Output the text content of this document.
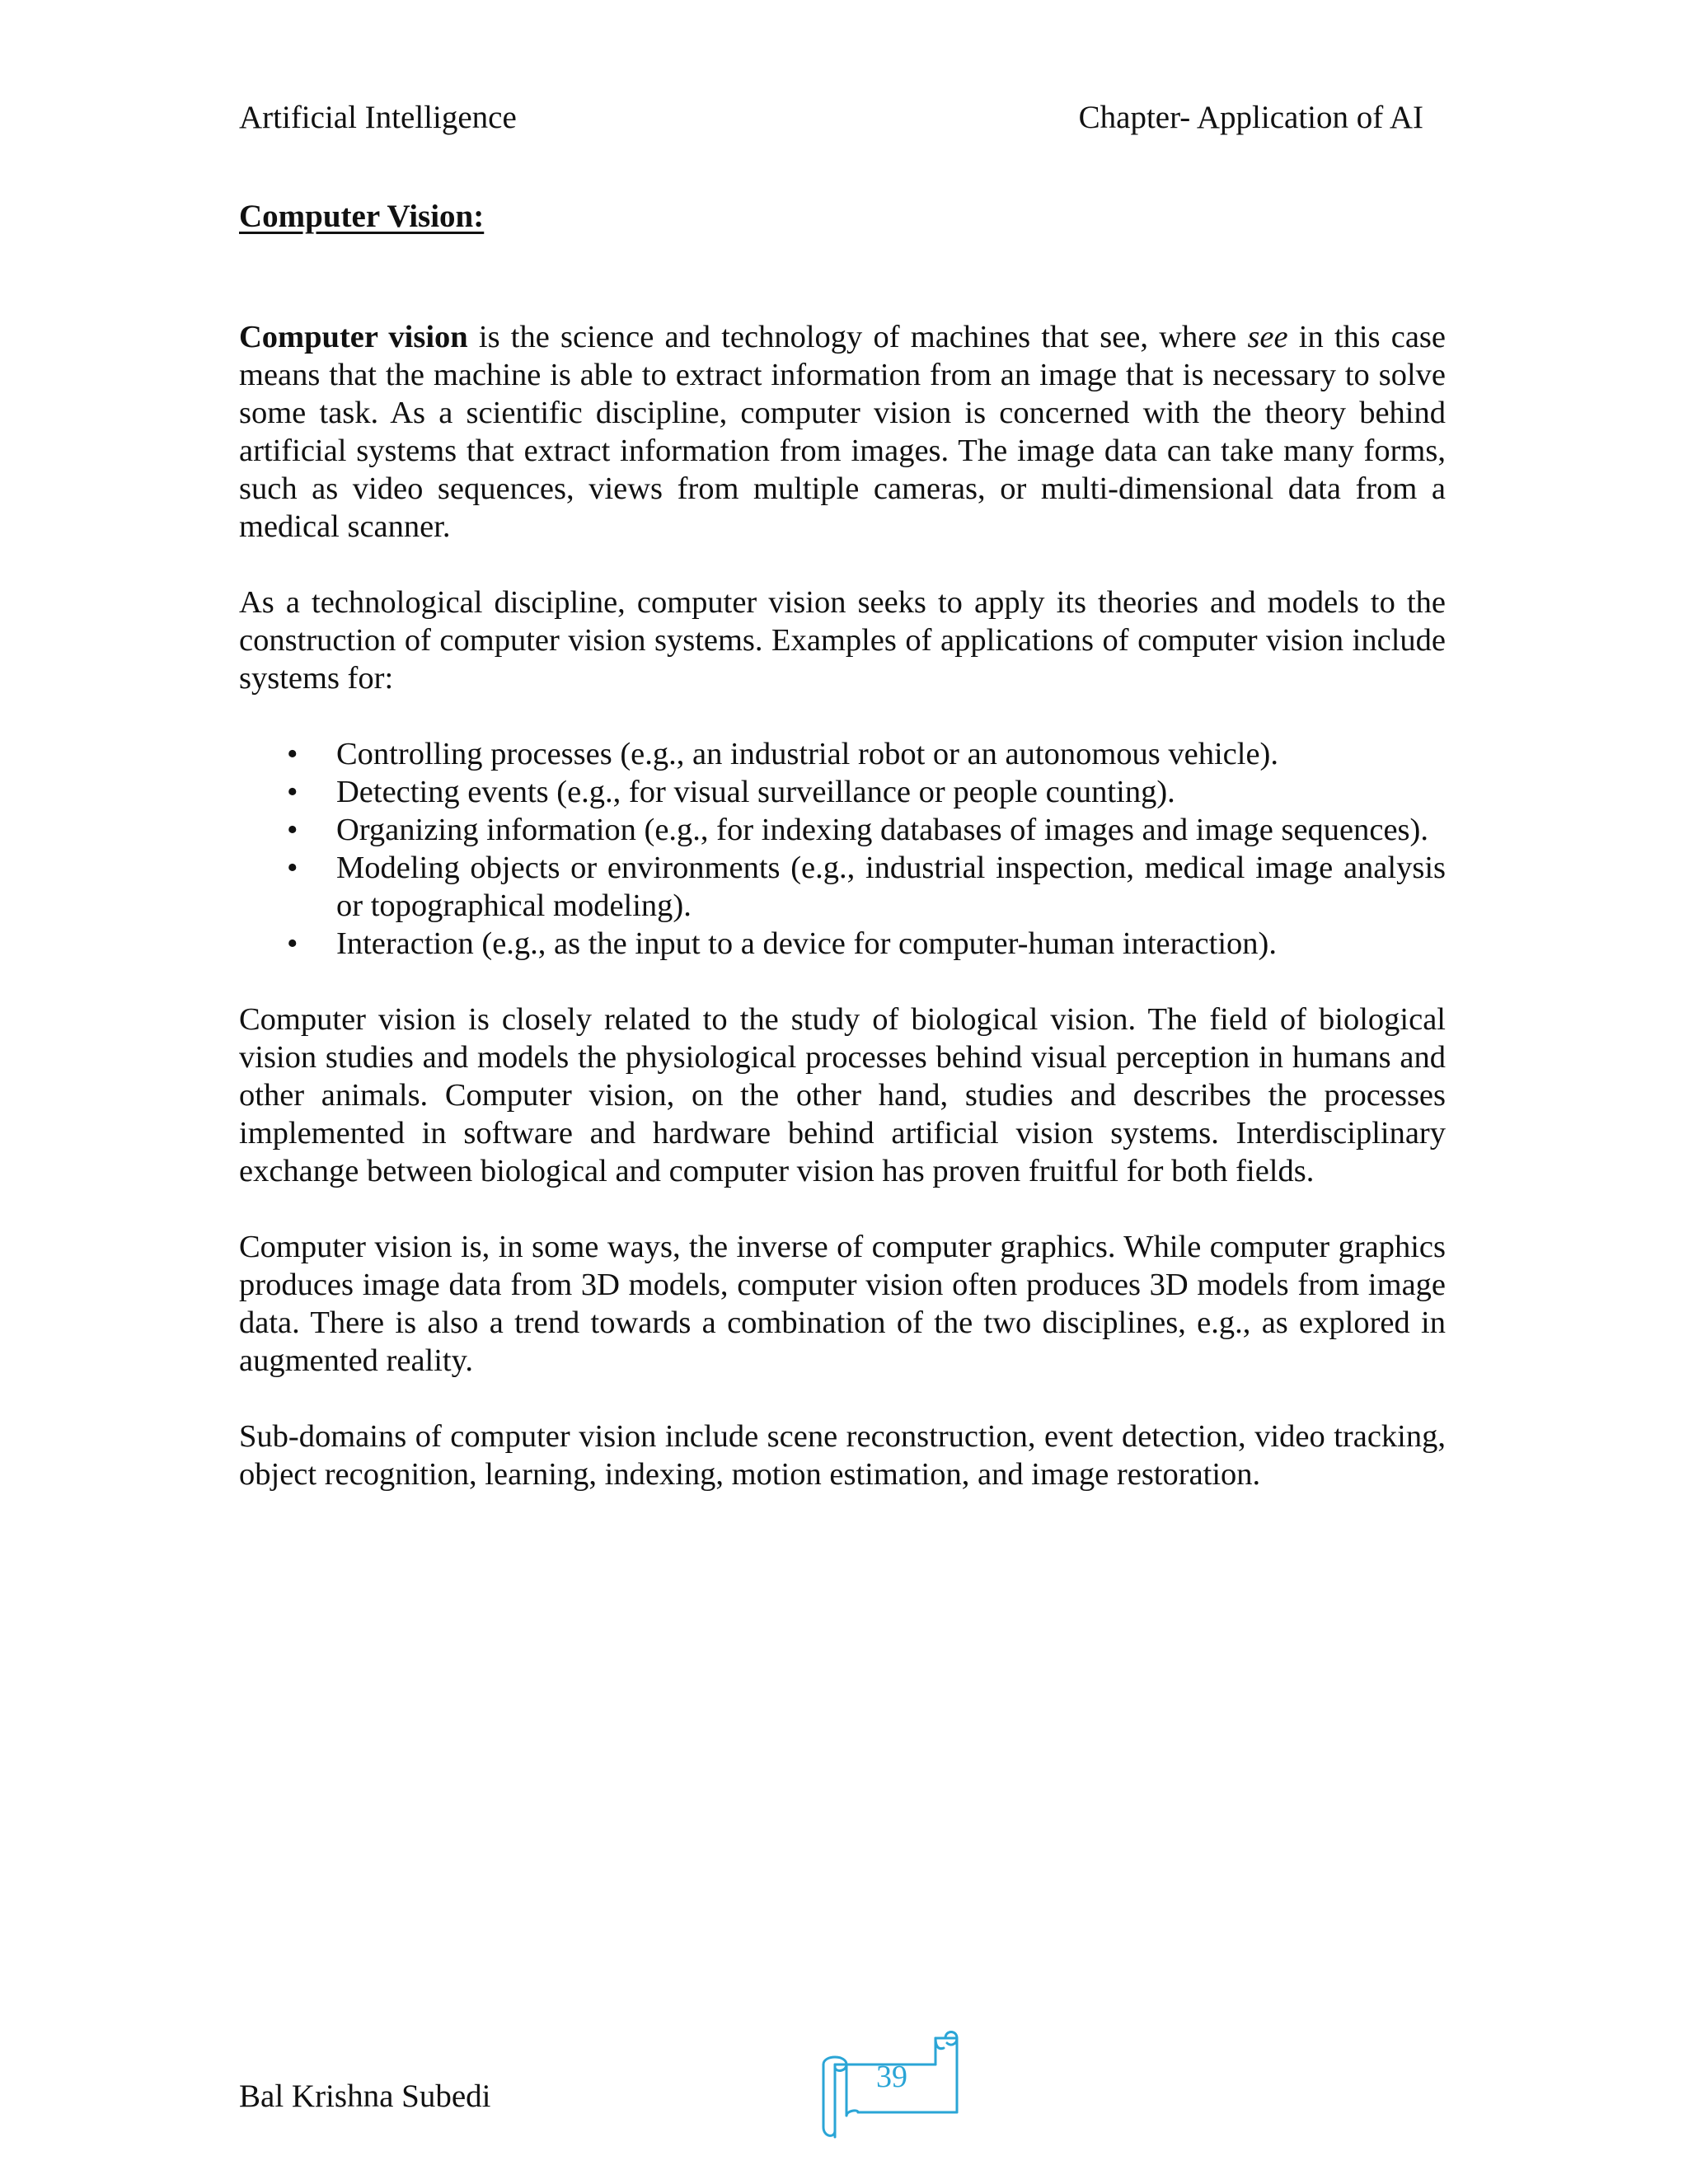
Artificial Intelligence	Chapter- Application of AI
Computer Vision:

Computer vision is the science and technology of machines that see, where see in this case means that the machine is able to extract information from an image that is necessary to solve some task. As a scientific discipline, computer vision is concerned with the theory behind artificial systems that extract information from images. The image data can take many forms, such as video sequences, views from multiple cameras, or multi-dimensional data from a medical scanner.

As a technological discipline, computer vision seeks to apply its theories and models to the construction of computer vision systems. Examples of applications of computer vision include systems for:

•	Controlling processes (e.g., an industrial robot or an autonomous vehicle).
•	Detecting events (e.g., for visual surveillance or people counting).
•	Organizing information (e.g., for indexing databases of images and image sequences).
•	Modeling objects or environments (e.g., industrial inspection, medical image analysis or topographical modeling).
•	Interaction (e.g., as the input to a device for computer-human interaction).

Computer vision is closely related to the study of biological vision. The field of biological vision studies and models the physiological processes behind visual perception in humans and other animals. Computer vision, on the other hand, studies and describes the processes implemented in software and hardware behind artificial vision systems. Interdisciplinary exchange between biological and computer vision has proven fruitful for both fields.

Computer vision is, in some ways, the inverse of computer graphics. While computer graphics produces image data from 3D models, computer vision often produces 3D models from image data. There is also a trend towards a combination of the two disciplines, e.g., as explored in augmented reality.

Sub-domains of computer vision include scene reconstruction, event detection, video tracking, object recognition, learning, indexing, motion estimation, and image restoration.

Bal Krishna Subedi
39
